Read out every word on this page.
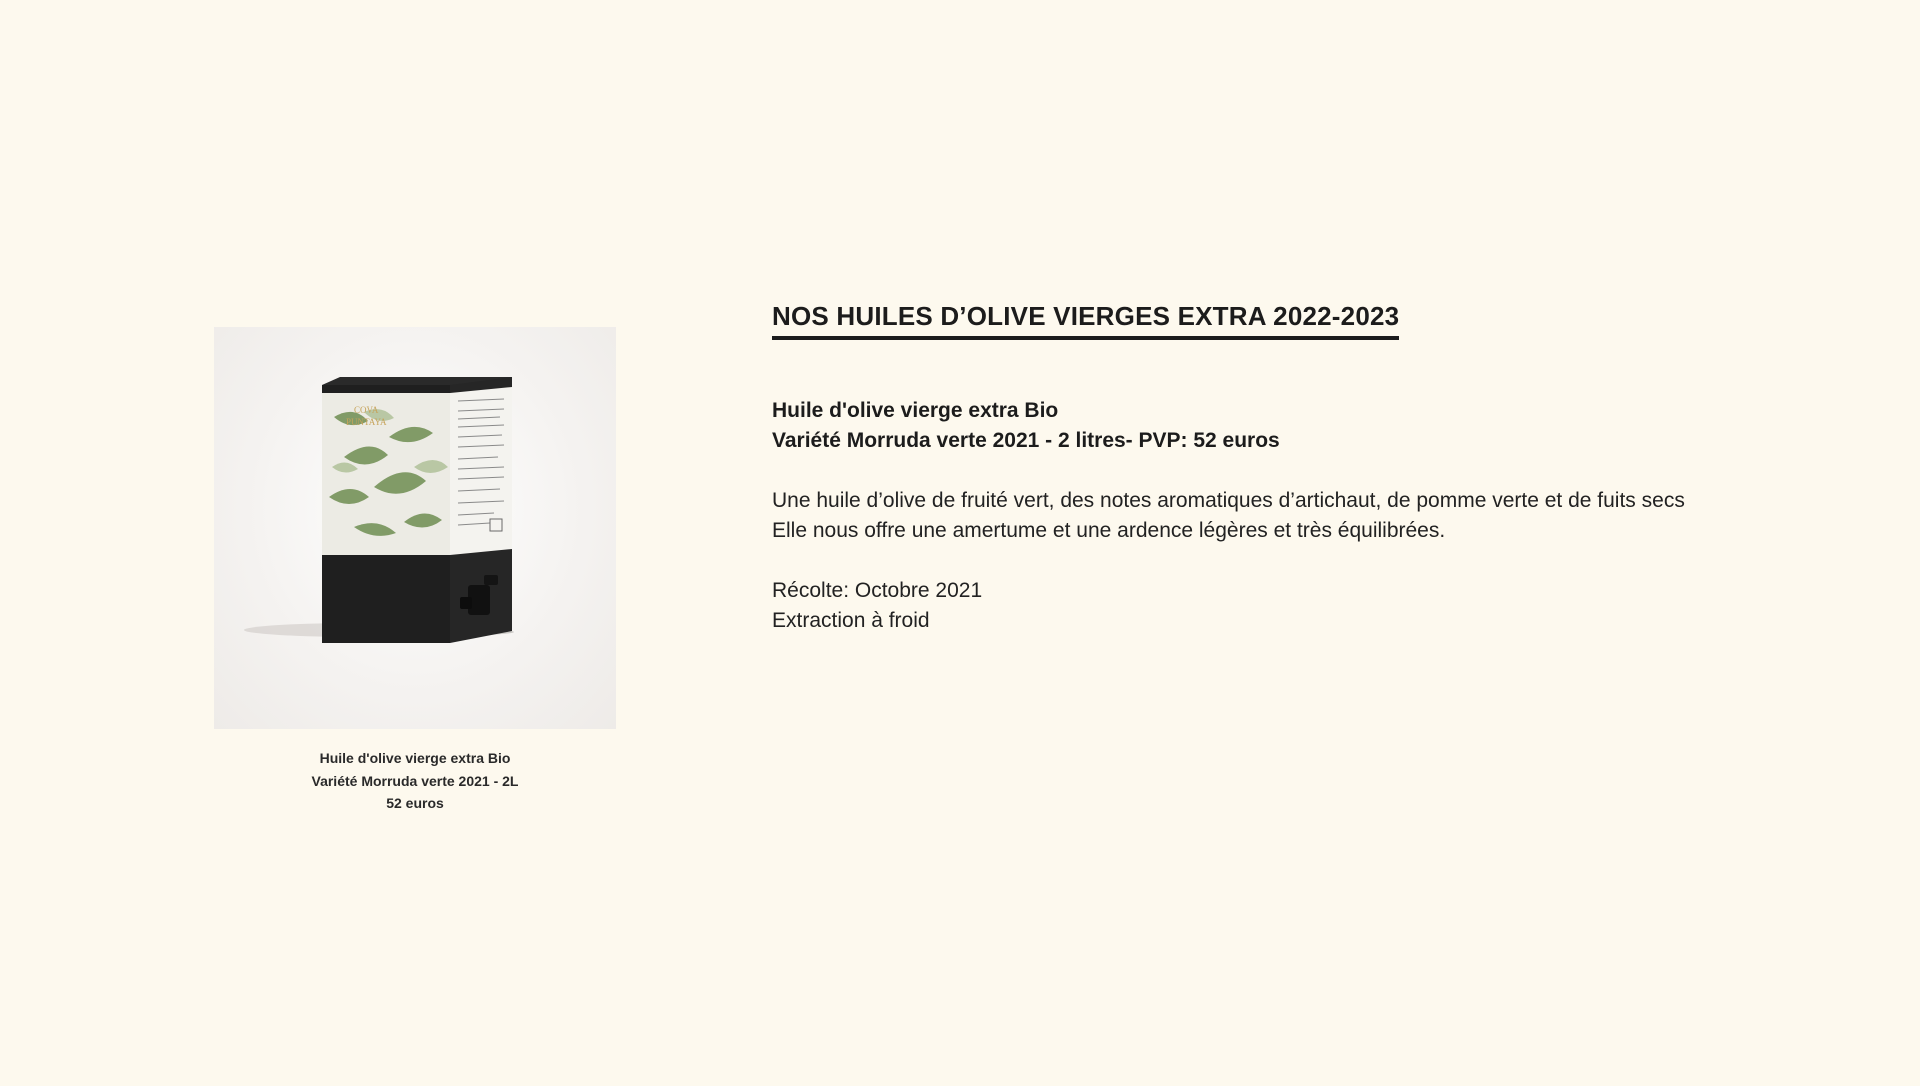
COVA
PUNTAYA
Huile d'olive vierge extra Bio
Variété Morruda verte 2021 - 2L
52 euros
NOS HUILES D’OLIVE VIERGES EXTRA 2022-2023
Huile d'olive vierge extra Bio
Variété Morruda verte 2021 - 2 litres- PVP: 52 euros
Une huile d’olive de fruité vert, des notes aromatiques d’artichaut, de pomme verte et de fuits secs
Elle nous offre une amertume et une ardence légères et très équilibrées.
Récolte: Octobre 2021
Extraction à froid
